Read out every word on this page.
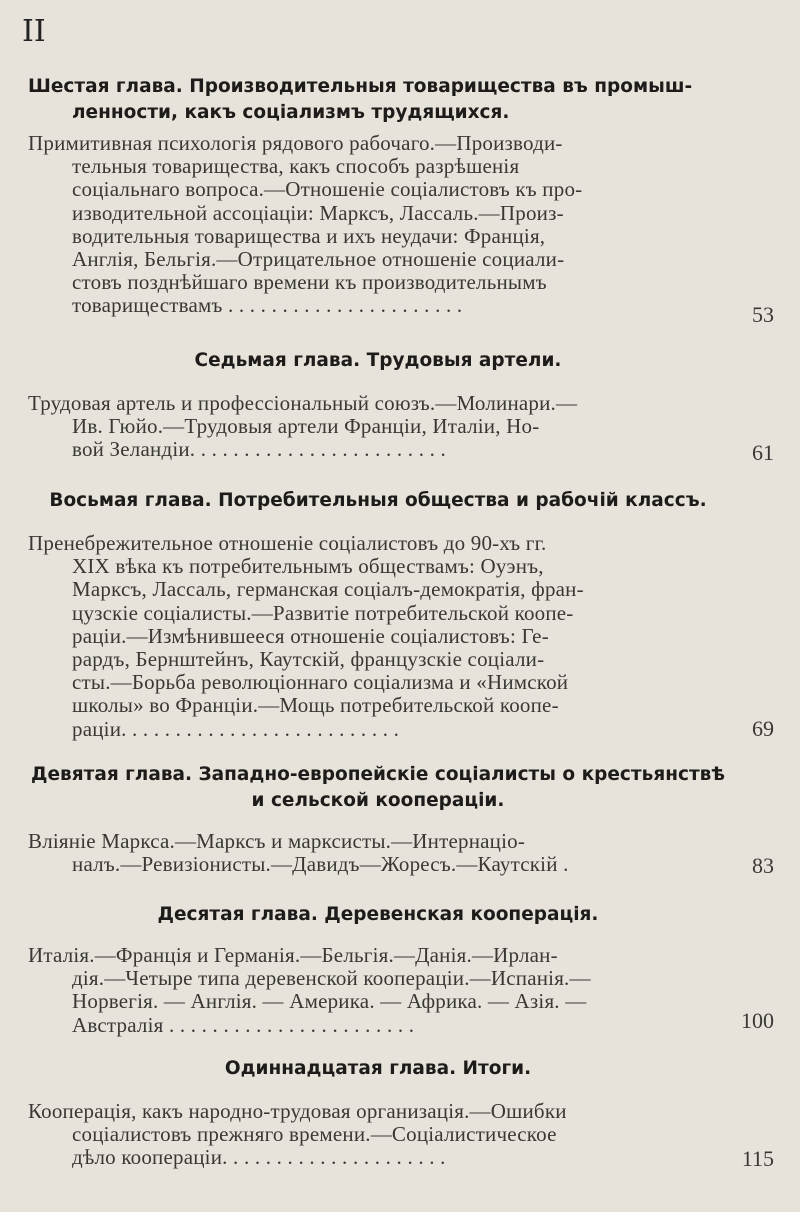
II
Шестая глава. Производительныя товарищества въ промыш-
ленности, какъ соціализмъ трудящихся.
Примитивная психологія рядового рабочаго.—Производи-
тельныя товарищества, какъ способъ разрѣшенія
соціальнаго вопроса.—Отношеніе соціалистовъ къ про-
изводительной ассоціаціи: Марксъ, Лассаль.—Произ-
водительныя товарищества и ихъ неудачи: Франція,
Англія, Бельгія.—Отрицательное отношеніе социали-
стовъ позднѣйшаго времени къ производительнымъ
товариществамъ . . . . . . . . . . . . . . . . . . . . . .	53
Седьмая глава. Трудовыя артели.
Трудовая артель и профессіональный союзъ.—Молинари.—
Ив. Гюйо.—Трудовыя артели Франціи, Италіи, Но-
вой Зеландіи. . . . . . . . . . . . . . . . . . . . . . . .	61
Восьмая глава. Потребительныя общества и рабочій классъ.
Пренебрежительное отношеніе соціалистовъ до 90-хъ гг.
XIX вѣка къ потребительнымъ обществамъ: Оуэнъ,
Марксъ, Лассаль, германская соціалъ-демократія, фран-
цузскіе соціалисты.—Развитіе потребительской коопе-
раціи.—Измѣнившееся отношеніе соціалистовъ: Ге-
рардъ, Бернштейнъ, Каутскій, французскіе соціали-
сты.—Борьба революціоннаго соціализма и «Нимской
школы» во Франціи.—Мощь потребительской коопе-
раціи. . . . . . . . . . . . . . . . . . . . . . . . . .	69
Девятая глава. Западно-европейскіе соціалисты о крестьянствѣ
и сельской коопераціи.
Вліяніе Маркса.—Марксъ и марксисты.—Интернаціо-
налъ.—Ревизіонисты.—Давидъ—Жоресъ.—Каутскій .	83
Десятая глава. Деревенская кооперація.
Италія.—Франція и Германія.—Бельгія.—Данія.—Ирлан-
дія.—Четыре типа деревенской коопераціи.—Испанія.—
Норвегія. — Англія. — Америка. — Африка. — Азія. —
Австралія . . . . . . . . . . . . . . . . . . . . . . .	100
Одиннадцатая глава. Итоги.
Кооперація, какъ народно-трудовая организація.—Ошибки
соціалистовъ прежняго времени.—Соціалистическое
дѣло коопераціи. . . . . . . . . . . . . . . . . . . . .	115
